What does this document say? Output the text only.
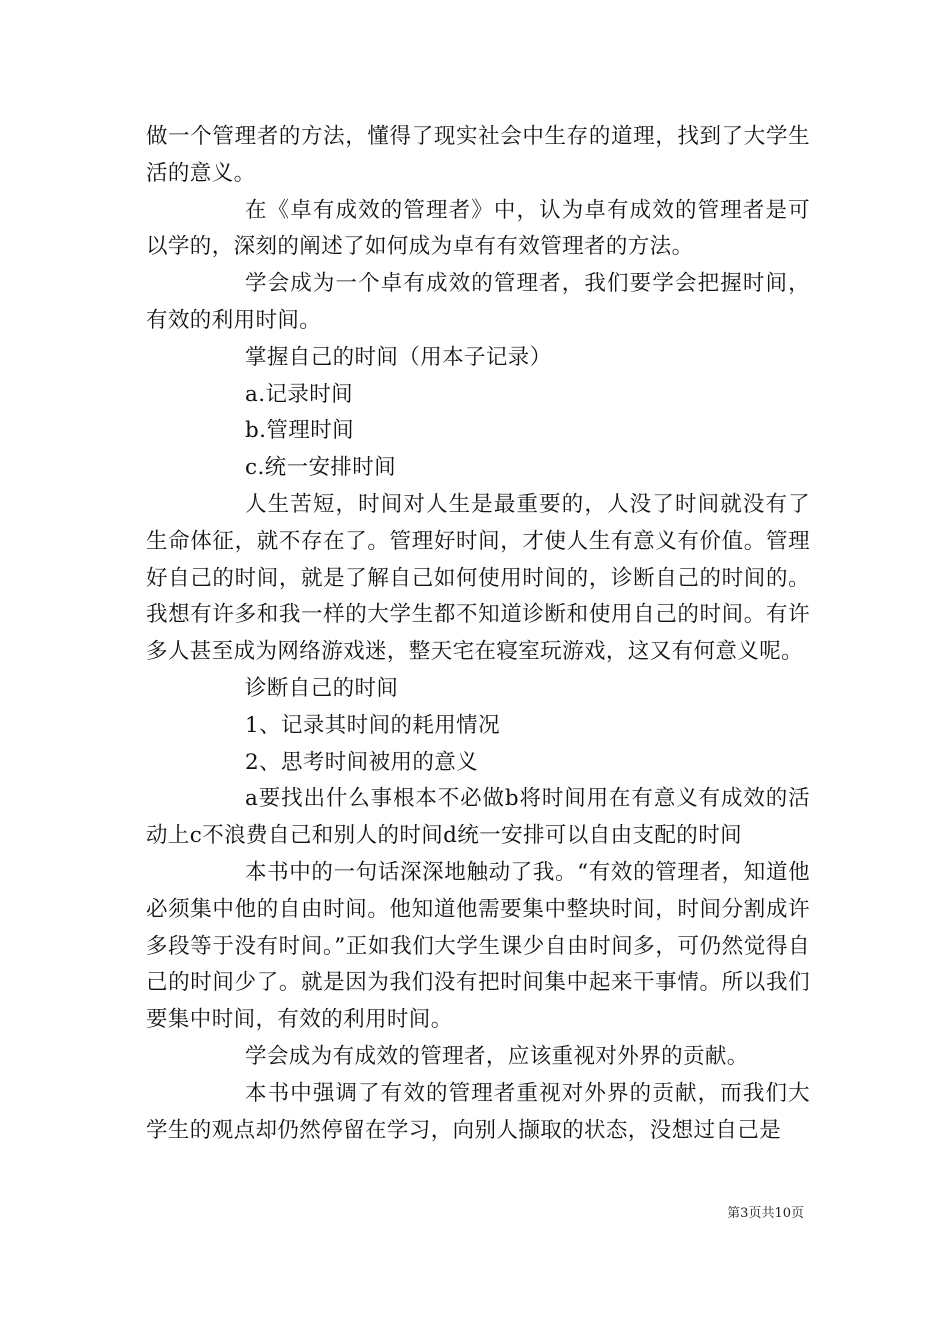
做一个管理者的方法，懂得了现实社会中生存的道理，找到了大学生活的意义。

在《卓有成效的管理者》中，认为卓有成效的管理者是可以学的，深刻的阐述了如何成为卓有有效管理者的方法。

学会成为一个卓有成效的管理者，我们要学会把握时间，有效的利用时间。

掌握自己的时间（用本子记录）

a.记录时间

b.管理时间

c.统一安排时间

人生苦短，时间对人生是最重要的，人没了时间就没有了生命体征，就不存在了。管理好时间，才使人生有意义有价值。管理好自己的时间，就是了解自己如何使用时间的，诊断自己的时间的。我想有许多和我一样的大学生都不知道诊断和使用自己的时间。有许多人甚至成为网络游戏迷，整天宅在寝室玩游戏，这又有何意义呢。

诊断自己的时间

1、记录其时间的耗用情况

2、思考时间被用的意义

a要找出什么事根本不必做b将时间用在有意义有成效的活动上c不浪费自己和别人的时间d统一安排可以自由支配的时间

本书中的一句话深深地触动了我。“有效的管理者，知道他必须集中他的自由时间。他知道他需要集中整块时间，时间分割成许多段等于没有时间。”正如我们大学生课少自由时间多，可仍然觉得自己的时间少了。就是因为我们没有把时间集中起来干事情。所以我们要集中时间，有效的利用时间。

学会成为有成效的管理者，应该重视对外界的贡献。

本书中强调了有效的管理者重视对外界的贡献，而我们大学生的观点却仍然停留在学习，向别人撷取的状态，没想过自己是

第3页共10页
